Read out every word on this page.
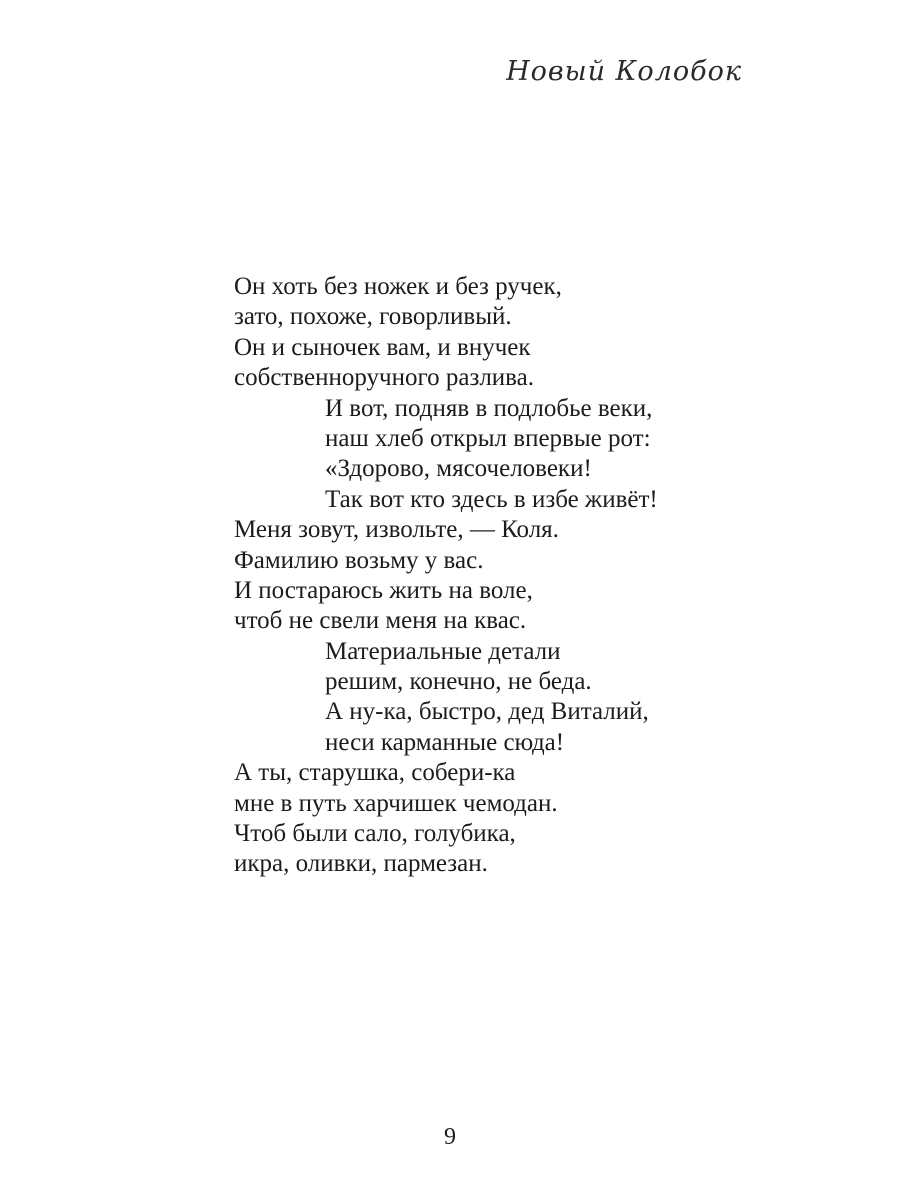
Новый Колобок
Он хоть без ножек и без ручек,
зато, похоже, говорливый.
Он и сыночек вам, и внучек
собственноручного разлива.
И вот, подняв в подлобье веки,
наш хлеб открыл впервые рот:
«Здорово, мясочеловеки!
Так вот кто здесь в избе живёт!
Меня зовут, извольте, — Коля.
Фамилию возьму у вас.
И постараюсь жить на воле,
чтоб не свели меня на квас.
Материальные детали
решим, конечно, не беда.
А ну-ка, быстро, дед Виталий,
неси карманные сюда!
А ты, старушка, собери-ка
мне в путь харчишек чемодан.
Чтоб были сало, голубика,
икра, оливки, пармезан.
9
